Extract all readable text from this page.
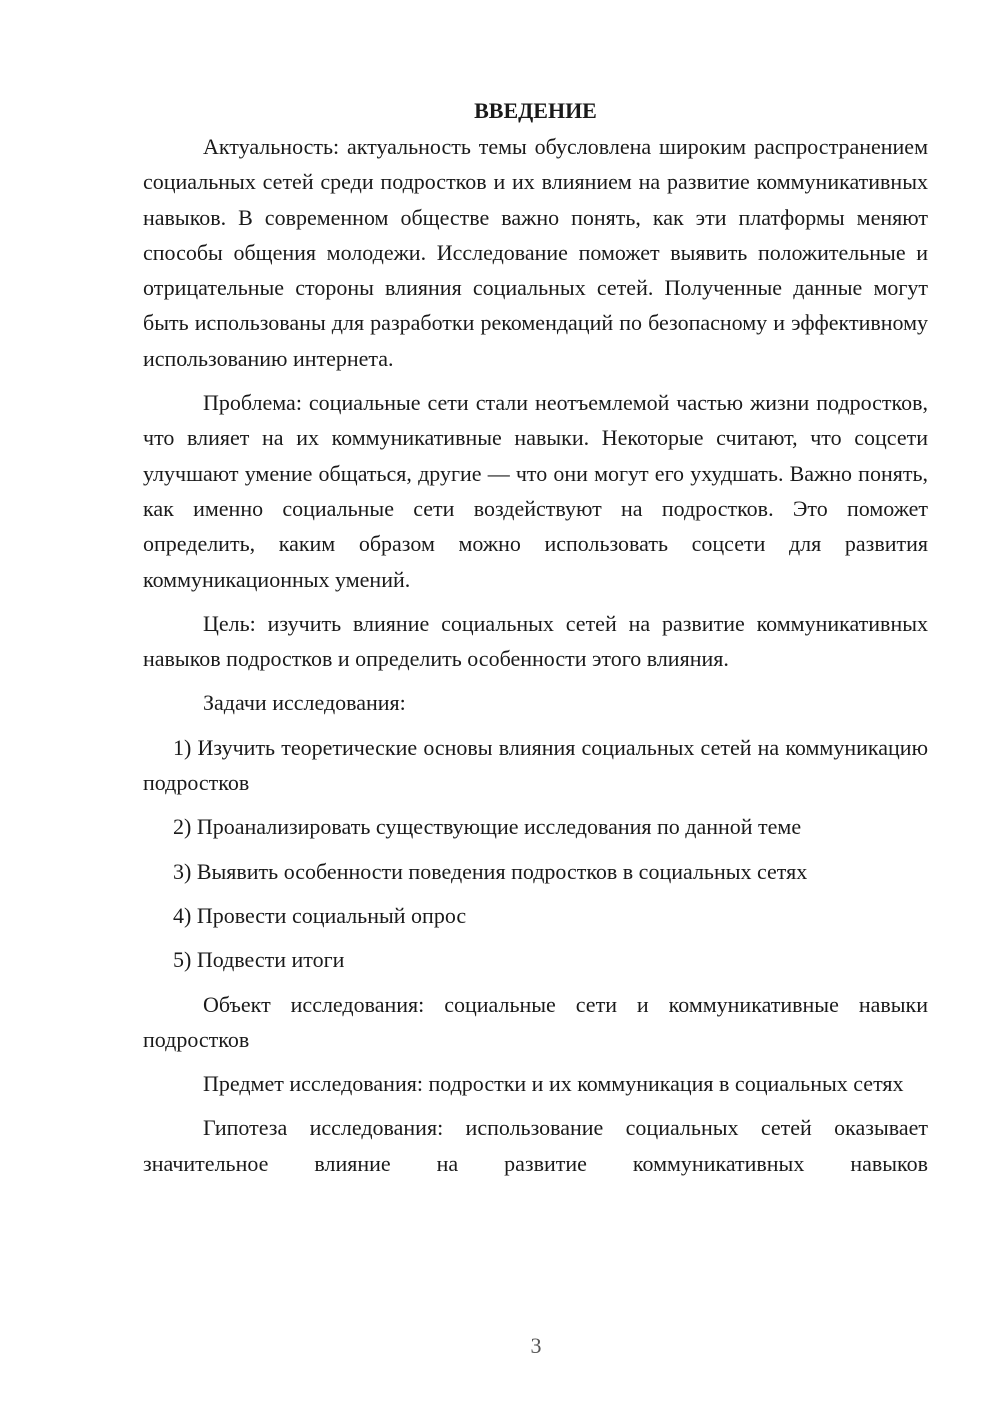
ВВЕДЕНИЕ

Актуальность: актуальность темы обусловлена широким распространением социальных сетей среди подростков и их влиянием на развитие коммуникативных навыков. В современном обществе важно понять, как эти платформы меняют способы общения молодежи. Исследование поможет выявить положительные и отрицательные стороны влияния социальных сетей. Полученные данные могут быть использованы для разработки рекомендаций по безопасному и эффективному использованию интернета.

Проблема: социальные сети стали неотъемлемой частью жизни подростков, что влияет на их коммуникативные навыки. Некоторые считают, что соцсети улучшают умение общаться, другие — что они могут его ухудшать. Важно понять, как именно социальные сети воздействуют на подростков. Это поможет определить, каким образом можно использовать соцсети для развития коммуникационных умений.

Цель: изучить влияние социальных сетей на развитие коммуникативных навыков подростков и определить особенности этого влияния.

Задачи исследования:

1) Изучить теоретические основы влияния социальных сетей на коммуникацию подростков

2) Проанализировать существующие исследования по данной теме

3) Выявить особенности поведения подростков в социальных сетях

4) Провести социальный опрос

5) Подвести итоги

Объект исследования: социальные сети и коммуникативные навыки подростков

Предмет исследования: подростки и их коммуникация в социальных сетях

Гипотеза исследования: использование социальных сетей оказывает значительное влияние на развитие коммуникативных навыков

3
